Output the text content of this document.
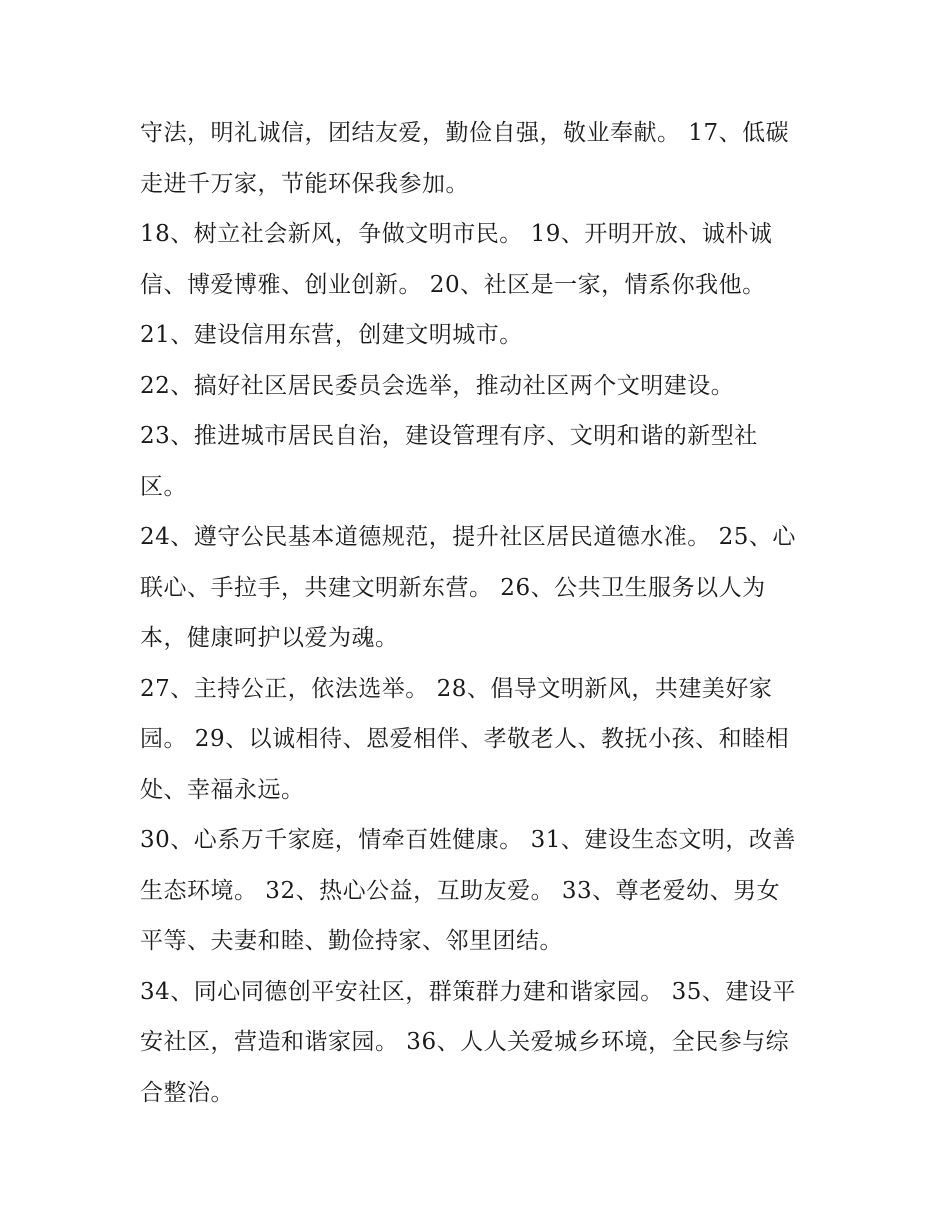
守法，明礼诚信，团结友爱，勤俭自强，敬业奉献。 17、低碳走进千万家，节能环保我参加。

18、树立社会新风，争做文明市民。 19、开明开放、诚朴诚信、博爱博雅、创业创新。 20、社区是一家，情系你我他。

21、建设信用东营，创建文明城市。

22、搞好社区居民委员会选举，推动社区两个文明建设。

23、推进城市居民自治，建设管理有序、文明和谐的新型社区。

24、遵守公民基本道德规范，提升社区居民道德水准。 25、心联心、手拉手，共建文明新东营。 26、公共卫生服务以人为本，健康呵护以爱为魂。

27、主持公正，依法选举。 28、倡导文明新风，共建美好家园。 29、以诚相待、恩爱相伴、孝敬老人、教抚小孩、和睦相处、幸福永远。

30、心系万千家庭，情牵百姓健康。 31、建设生态文明，改善生态环境。 32、热心公益，互助友爱。 33、尊老爱幼、男女平等、夫妻和睦、勤俭持家、邻里团结。

34、同心同德创平安社区，群策群力建和谐家园。 35、建设平安社区，营造和谐家园。 36、人人关爱城乡环境，全民参与综合整治。
